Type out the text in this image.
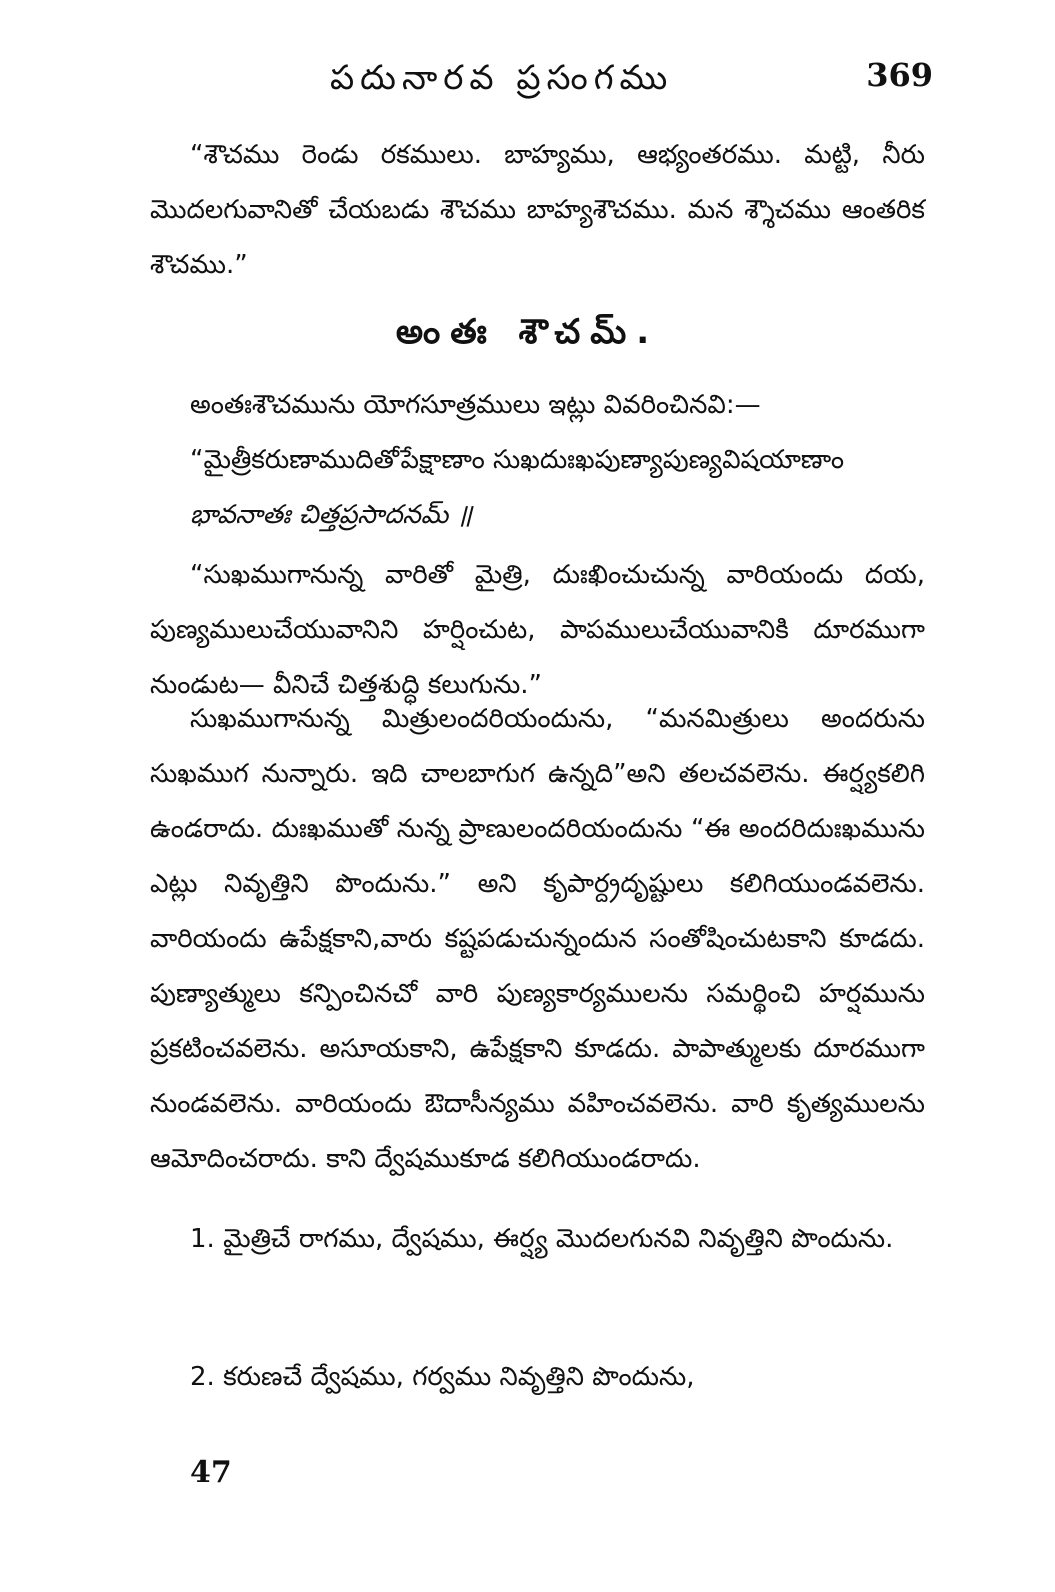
పదునారవ ప్రసంగము	369
“శౌచము రెండు రకములు. బాహ్యము, ఆభ్యంతరము. మట్టి, నీరు మొదలగువానితో చేయబడు శౌచము బాహ్యశౌచము. మన శ్శౌచము ఆంతరిక శౌచము.”
అంతః శౌచమ్.
అంతఃశౌచమును యోగసూత్రములు ఇట్లు వివరించినవి:—
“మైత్రీకరుణాముదితోపేక్షాణాం సుఖదుఃఖపుణ్యాపుణ్యవిషయాణాం
భావనాతః చిత్తప్రసాదనమ్ ॥
“సుఖముగానున్న వారితో మైత్రి, దుఃఖించుచున్న వారియందు దయ, పుణ్యములుచేయువానిని హర్షించుట, పాపములుచేయువానికి దూరముగా నుండుట— వీనిచే చిత్తశుద్ధి కలుగును.”
సుఖముగానున్న మిత్రులందరియందును, “మనమిత్రులు అందరును సుఖముగ నున్నారు. ఇది చాలబాగుగ ఉన్నది”అని తలచవలెను. ఈర్ష్యకలిగి ఉండరాదు. దుఃఖముతో నున్న ప్రాణులందరియందును “ఈ అందరిదుఃఖమును ఎట్లు నివృత్తిని పొందును.” అని కృపార్ద్రదృష్టులు కలిగియుండవలెను. వారియందు ఉపేక్షకాని,వారు కష్టపడుచున్నందున సంతోషించుటకాని కూడదు. పుణ్యాత్ములు కన్పించినచో వారి పుణ్యకార్యములను సమర్థించి హర్షమును ప్రకటించవలెను. అసూయకాని, ఉపేక్షకాని కూడదు. పాపాత్ములకు దూరముగా నుండవలెను. వారియందు ఔదాసీన్యము వహించవలెను. వారి కృత్యములను ఆమోదించరాదు. కాని ద్వేషముకూడ కలిగియుండరాదు.
1. మైత్రిచే రాగము, ద్వేషము, ఈర్ష్య మొదలగునవి నివృత్తిని పొందును.
2. కరుణచే ద్వేషము, గర్వము నివృత్తిని పొందును,
47
